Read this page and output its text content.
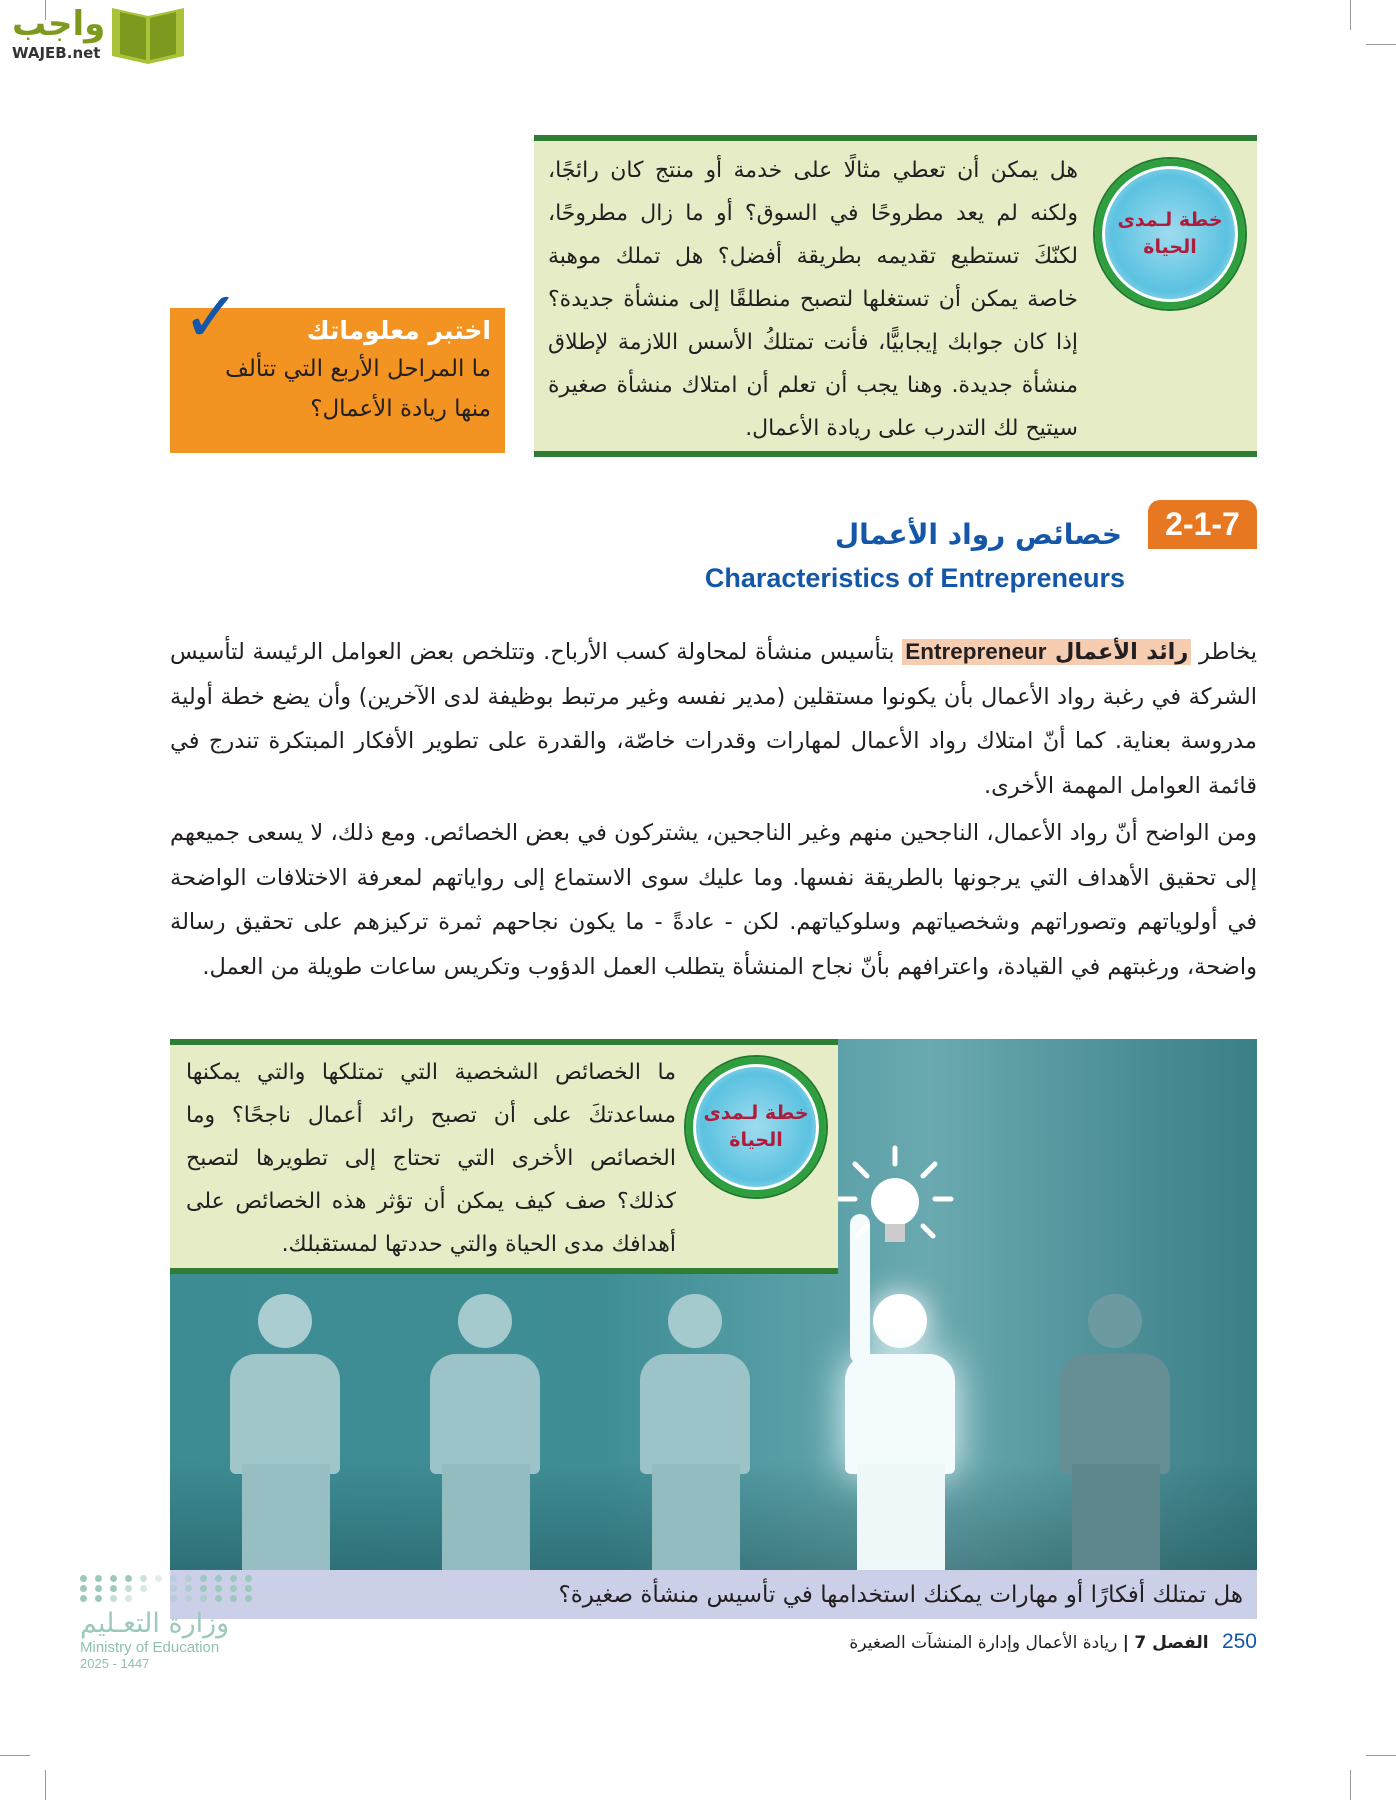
واجب
WAJEB.net
خطة لـمدى
الحياة

هل يمكن أن تعطي مثالًا على خدمة أو منتج كان رائجًا، ولكنه لم يعد مطروحًا في السوق؟ أو ما زال مطروحًا، لكنّكَ تستطيع تقديمه بطريقة أفضل؟ هل تملك موهبة خاصة يمكن أن تستغلها لتصبح منطلقًا إلى منشأة جديدة؟ إذا كان جوابك إيجابيًّا، فأنت تمتلكُ الأسس اللازمة لإطلاق منشأة جديدة. وهنا يجب أن تعلم أن امتلاك منشأة صغيرة سيتيح لك التدرب على ريادة الأعمال.

اختبر معلوماتك

ما المراحل الأربع التي تتألف منها ريادة الأعمال؟

✓
2-1-7
خصائص رواد الأعمال
Characteristics of Entrepreneurs

يخاطر رائد الأعمال Entrepreneur بتأسيس منشأة لمحاولة كسب الأرباح. وتتلخص بعض العوامل الرئيسة لتأسيس الشركة في رغبة رواد الأعمال بأن يكونوا مستقلين (مدير نفسه وغير مرتبط بوظيفة لدى الآخرين) وأن يضع خطة أولية مدروسة بعناية. كما أنّ امتلاك رواد الأعمال لمهارات وقدرات خاصّة، والقدرة على تطوير الأفكار المبتكرة تندرج في قائمة العوامل المهمة الأخرى.

ومن الواضح أنّ رواد الأعمال، الناجحين منهم وغير الناجحين، يشتركون في بعض الخصائص. ومع ذلك، لا يسعى جميعهم إلى تحقيق الأهداف التي يرجونها بالطريقة نفسها. وما عليك سوى الاستماع إلى رواياتهم لمعرفة الاختلافات الواضحة في أولوياتهم وتصوراتهم وشخصياتهم وسلوكياتهم. لكن - عادةً - ما يكون نجاحهم ثمرة تركيزهم على تحقيق رسالة واضحة، ورغبتهم في القيادة، واعترافهم بأنّ نجاح المنشأة يتطلب العمل الدؤوب وتكريس ساعات طويلة من العمل.

خطة لـمدى
الحياة

ما الخصائص الشخصية التي تمتلكها والتي يمكنها مساعدتكَ على أن تصبح رائد أعمال ناجحًا؟ وما الخصائص الأخرى التي تحتاج إلى تطويرها لتصبح كذلك؟ صف كيف يمكن أن تؤثر هذه الخصائص على أهدافك مدى الحياة والتي حددتها لمستقبلك.

هل تمتلك أفكارًا أو مهارات يمكنك استخدامها في تأسيس منشأة صغيرة؟
250 الفصل 7 | ريادة الأعمال وإدارة المنشآت الصغيرة
وزارة التعـليم
Ministry of Education
2025 - 1447
